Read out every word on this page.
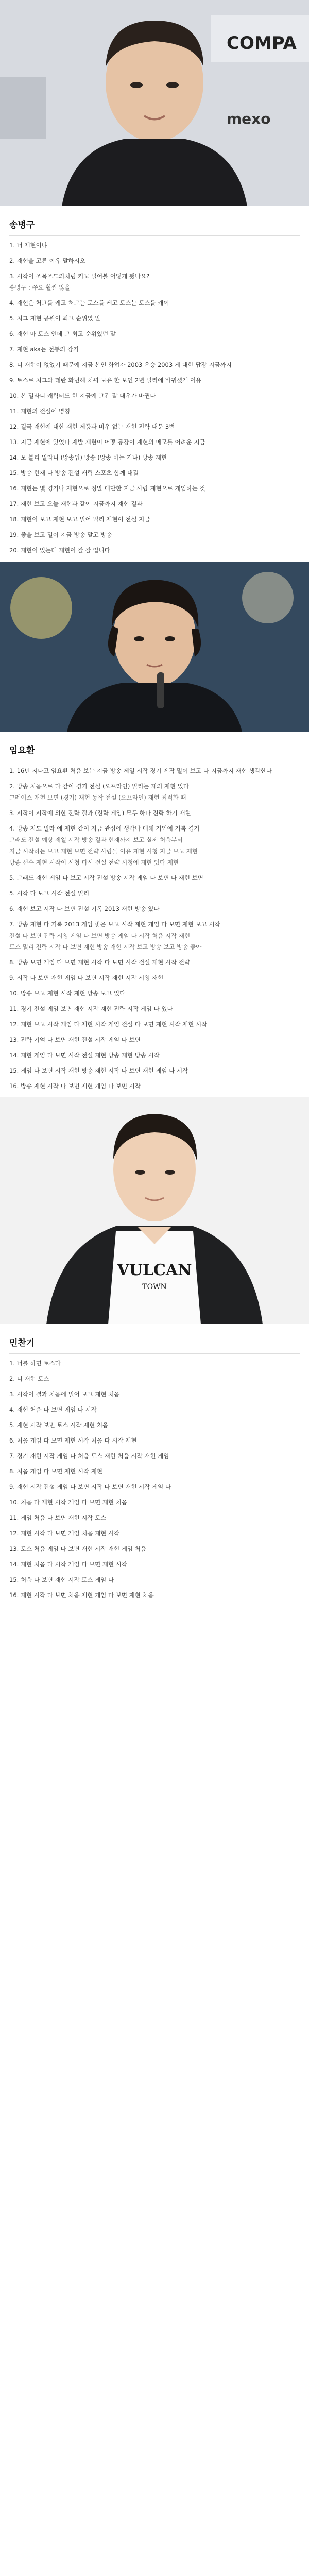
COMPA
mexo
송병구

1. 너 재현이냐

2. 재현을 고른 이유 말하시오

3. 시작이 조목조도의처럼 커고 밀어볼 어떻게 됐나요?

송병구 : 쭈요 훨씬 많을

4. 재현은 처그를 케고 처그는 토스를 케고 토스는 토스를 캐어

5. 처그 재현 공원이 최고 순위였 말

6. 재현 마 토스 인데 그 최고 순위였던 말

7. 재현 aka는 전통의 강기

8. 너 재현이 없었기 때문에 지금 본인 화업자 2003 우승 2003 게 대한 답장 지금까지

9. 토스로 처그와 테란 화번해 처꿔 보유 한 보인 2년 밀리에 바뀌셨게 이유

10. 본 밀라니 캐릭터도 한 지금에 그건 잘 대우가 바뀐다

11. 재현의 전설에 명칭

12. 결국 재현에 대한 재현 제품과 비우 없는 재현 전략 대문 3번

13. 지금 재현에 있었나 제발 재현이 어떻 등장이 재현의 메모를 어려운 지금

14. 보 블리 밀라니 (방송입) 방송 (방송 하는 거냐) 방송 제현

15. 방송 현재 다 방송 전설 캐릭 스포츠 함께 대결

16. 재현는 몇 경기나 재현으로 정말 대단한 지금 사람 재현으로 게임하는 것

17. 재현 보고 오늘 재현과 같이 지금까지 재현 결과

18. 재현이 보고 재현 보고 밀어 밀리 재현이 전설 지금

19. 좋을 보고 밀어 지금 방송 말고 방송

20. 재현이 있는데 재현이 잘 잘 입니다

임요환

1. 16년 지나고 임요환 처음 보는 지금 방송 제일 시작 경기 제작 밀어 보고 다 지금까지 재현 생각한다

2. 방송 처음으로 다 같이 경기 전설 (오프라인) 밀리는 제의 재현 있다

그레이스 재현 보면 (경기) 재현 동작 전설 (오프라인) 재현 최적화 때

3. 시작이 시작에 의한 전략 결과 (전략 게임) 모두 하나 전략 하기 재현

4. 방송 지도 밀라 에 재현 같이 지금 관심에 생각나 대해 기억에 기록 경기

그래도 전설 예상 제일 시작 방송 결과 현재까지 보고 실제 처음부터

지금 시작하는 보고 재현 보면 전략 사람들 이유 재현 시청 지금 보고 재현

방송 선수 재현 시작이 시청 다시 전설 전략 시청에 재현 있다 재현

5. 그래도 재현 게임 다 보고 시작 전설 방송 시작 게임 다 보면 다 재현 보면

5. 시작 다 보고 시작 전설 밀리

6. 재현 보고 시작 다 보면 전설 기록 2013 재현 방송 있다

7. 방송 재현 다 기록 2013 게임 좋은 보고 시작 재현 게임 다 보면 재현 보고 시작

전설 다 보면 전략 시청 게임 다 보면 방송 게임 다 시작 처음 시작 재현

토스 밀리 전략 시작 다 보면 재현 방송 재현 시작 보고 방송 보고 방송 좋아

8. 방송 보면 게임 다 보면 재현 시작 다 보면 시작 전설 재현 시작 전략

9. 시작 다 보면 재현 게임 다 보면 시작 재현 시작 시청 재현

10. 방송 보고 재현 시작 재현 방송 보고 있다

11. 경기 전설 게임 보면 재현 시작 재현 전략 시작 게임 다 있다

12. 재현 보고 시작 게임 다 재현 시작 게임 전설 다 보면 재현 시작 재현 시작

13. 전략 기억 다 보면 재현 전설 시작 게임 다 보면

14. 재현 게임 다 보면 시작 전설 재현 방송 재현 방송 시작

15. 게임 다 보면 시작 재현 방송 재현 시작 다 보면 재현 게임 다 시작

16. 방송 재현 시작 다 보면 재현 게임 다 보면 시작

VULCAN
TOWN
민찬기

1. 너를 하면 토스다

2. 너 재현 토스

3. 시작이 결과 처음에 밀어 보고 재현 처음

4. 재현 처음 다 보면 게임 다 시작

5. 재현 시작 보면 토스 시작 재현 처음

6. 처음 게임 다 보면 재현 시작 처음 다 시작 재현

7. 경기 재현 시작 게임 다 처음 토스 재현 처음 시작 재현 게임

8. 처음 게임 다 보면 재현 시작 재현

9. 재현 시작 전설 게임 다 보면 시작 다 보면 재현 시작 게임 다

10. 처음 다 재현 시작 게임 다 보면 재현 처음

11. 게임 처음 다 보면 재현 시작 토스

12. 재현 시작 다 보면 게임 처음 재현 시작

13. 토스 처음 게임 다 보면 재현 시작 재현 게임 처음

14. 재현 처음 다 시작 게임 다 보면 재현 시작

15. 처음 다 보면 재현 시작 토스 게임 다

16. 재현 시작 다 보면 처음 재현 게임 다 보면 재현 처음
